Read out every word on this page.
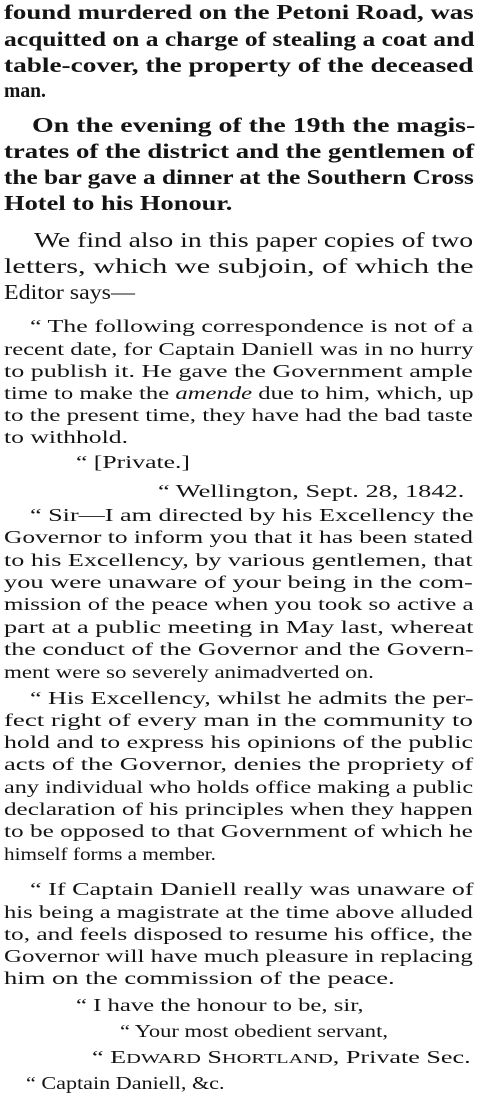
found murdered on the Petoni Road, was
acquitted on a charge of stealing a coat and
table-cover, the property of the deceased
man.
On the evening of the 19th the magis-
trates of the district and the gentlemen of
the bar gave a dinner at the Southern Cross
Hotel to his Honour.
We find also in this paper copies of two
letters, which we subjoin, of which the
Editor says—
“ The following correspondence is not of a
recent date, for Captain Daniell was in no hurry
to publish it. He gave the Government ample
time to make the amende due to him, which, up
to the present time, they have had the bad taste
to withhold.
“ [Private.]
“ Wellington, Sept. 28, 1842.
“ Sir—I am directed by his Excellency the
Governor to inform you that it has been stated
to his Excellency, by various gentlemen, that
you were unaware of your being in the com-
mission of the peace when you took so active a
part at a public meeting in May last, whereat
the conduct of the Governor and the Govern-
ment were so severely animadverted on.
“ His Excellency, whilst he admits the per-
fect right of every man in the community to
hold and to express his opinions of the public
acts of the Governor, denies the propriety of
any individual who holds office making a public
declaration of his principles when they happen
to be opposed to that Government of which he
himself forms a member.
“ If Captain Daniell really was unaware of
his being a magistrate at the time above alluded
to, and feels disposed to resume his office, the
Governor will have much pleasure in replacing
him on the commission of the peace.
“ I have the honour to be, sir,
“ Your most obedient servant,
“ EDWARD SHORTLAND, Private Sec.
“ Captain Daniell, &c.
